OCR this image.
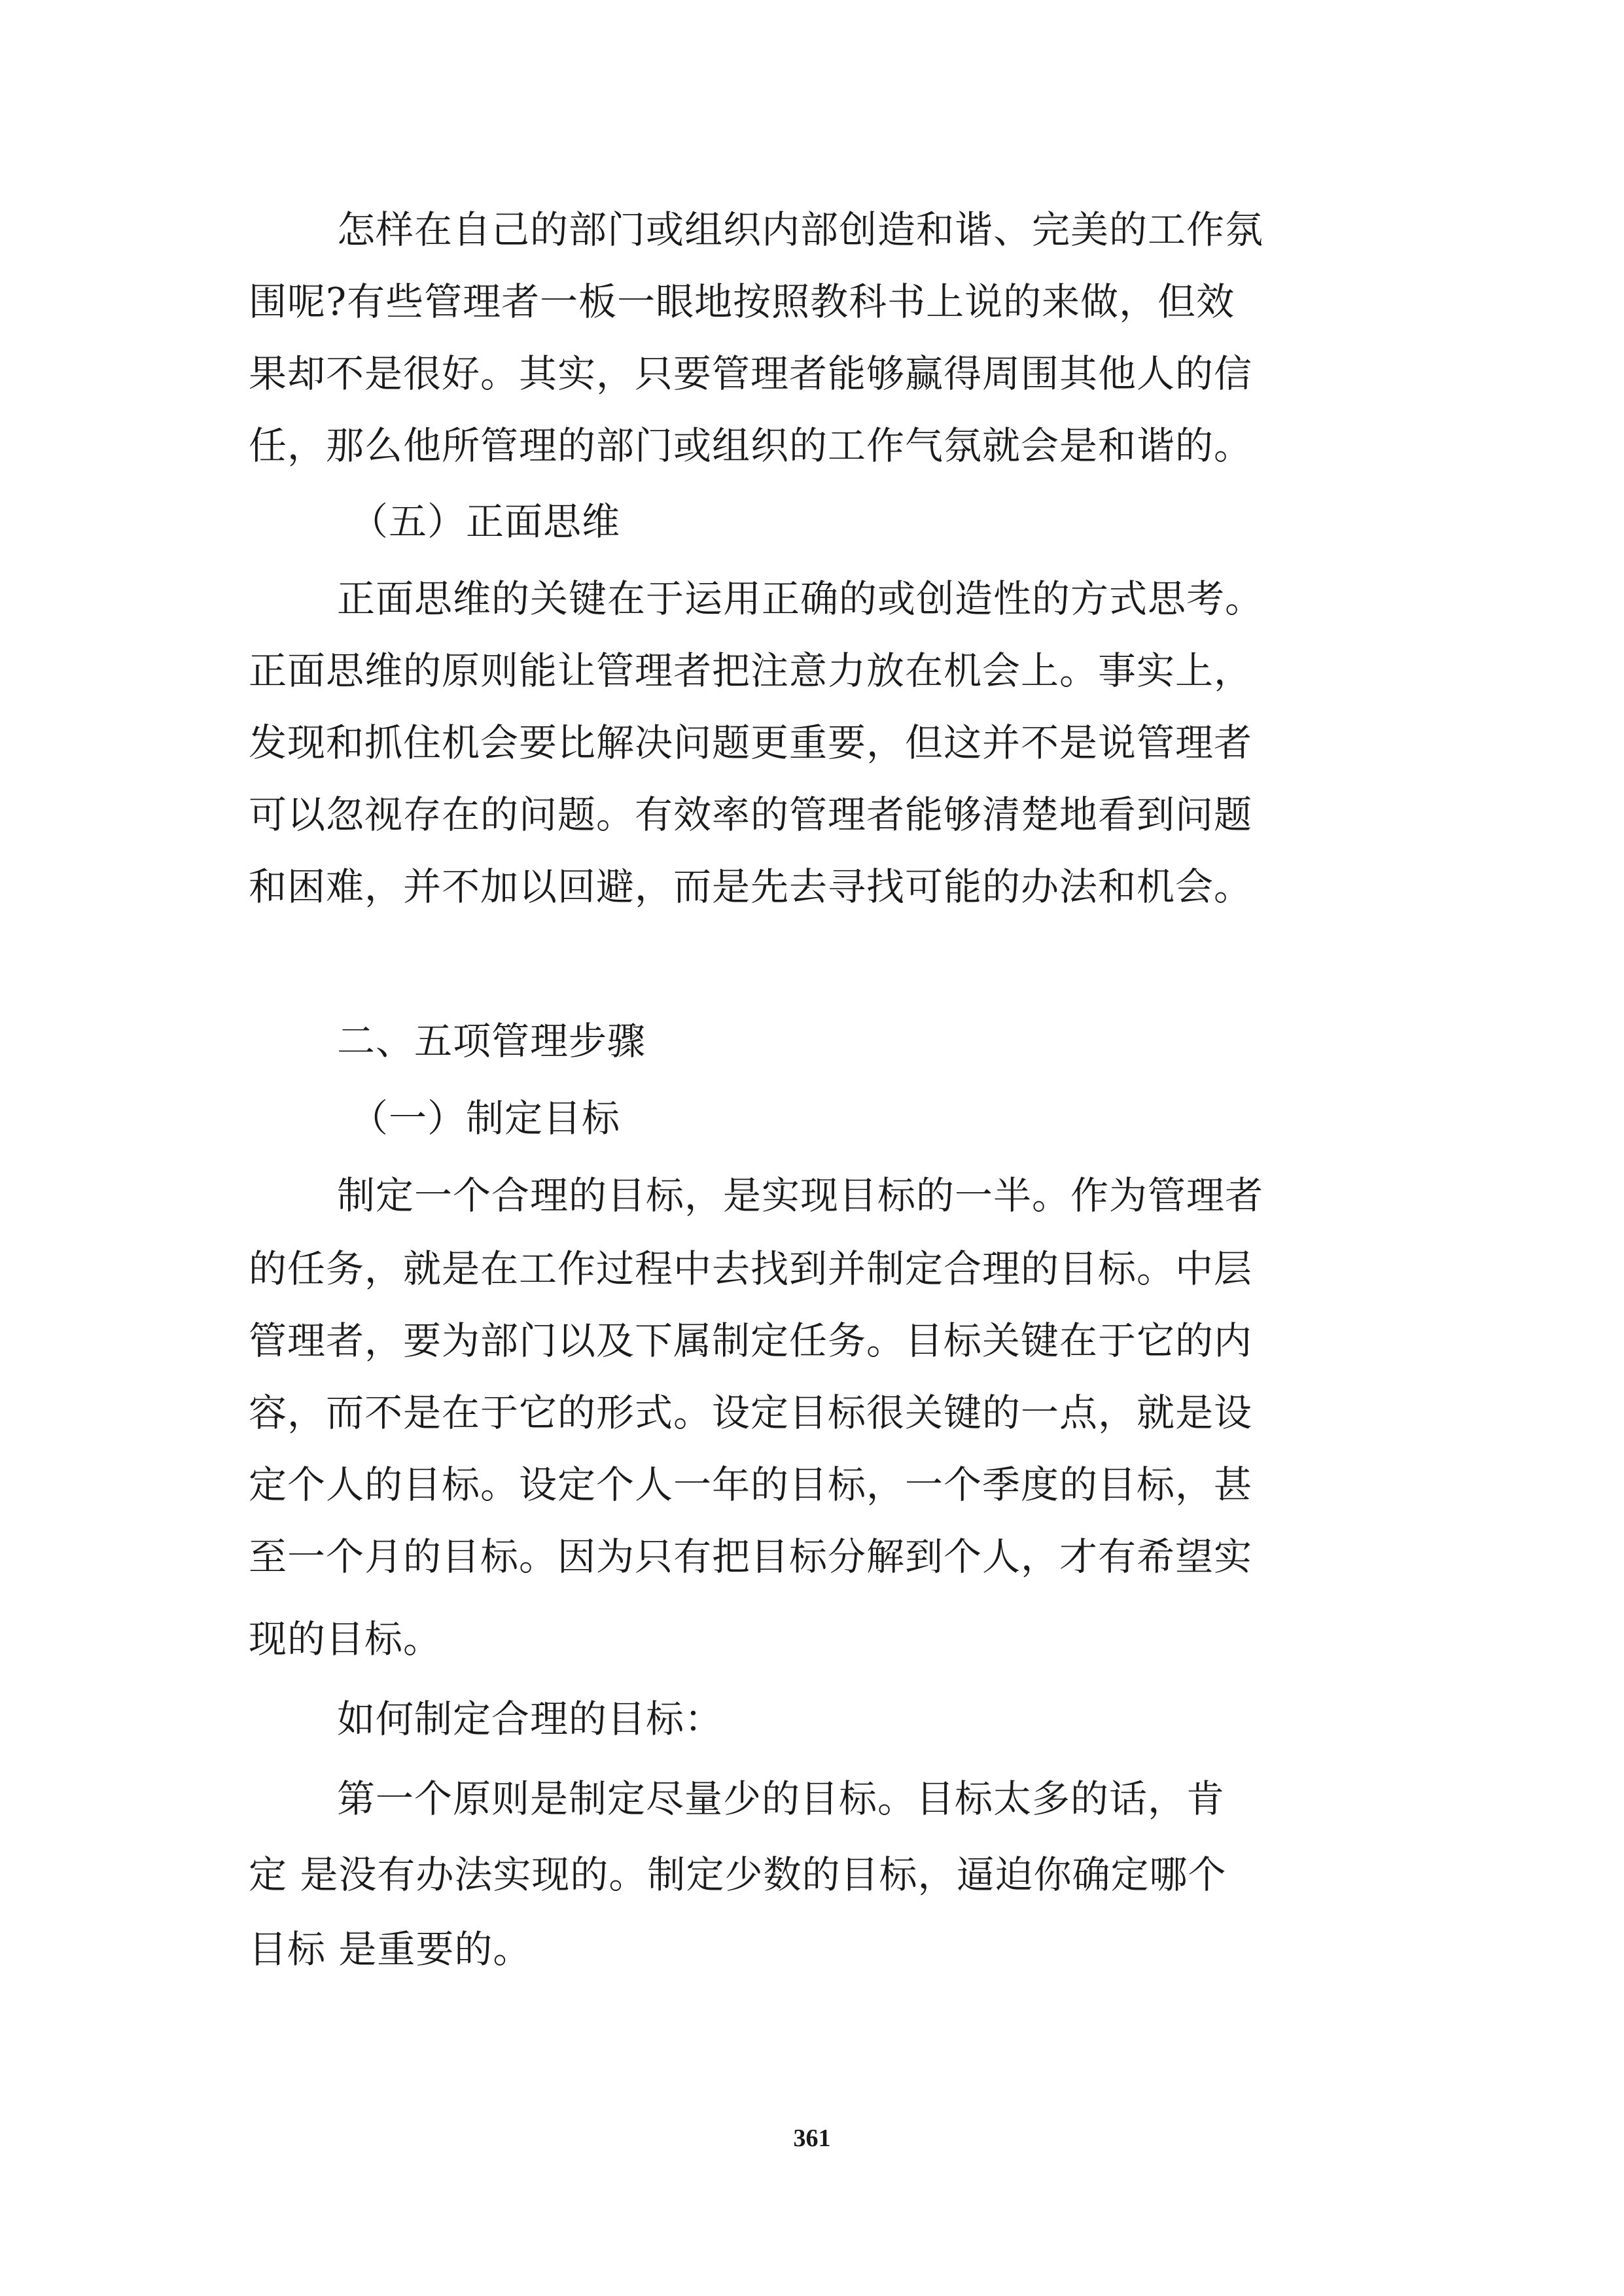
怎样在自己的部门或组织内部创造和谐、完美的工作氛
围呢?有些管理者一板一眼地按照教科书上说的来做，但效
果却不是很好。其实，只要管理者能够赢得周围其他人的信
任，那么他所管理的部门或组织的工作气氛就会是和谐的。
（五）正面思维
正面思维的关键在于运用正确的或创造性的方式思考。
正面思维的原则能让管理者把注意力放在机会上。事实上，
发现和抓住机会要比解决问题更重要，但这并不是说管理者
可以忽视存在的问题。有效率的管理者能够清楚地看到问题
和困难，并不加以回避，而是先去寻找可能的办法和机会。
二、五项管理步骤
（一）制定目标
制定一个合理的目标，是实现目标的一半。作为管理者
的任务，就是在工作过程中去找到并制定合理的目标。中层
管理者，要为部门以及下属制定任务。目标关键在于它的内
容，而不是在于它的形式。设定目标很关键的一点，就是设
定个人的目标。设定个人一年的目标，一个季度的目标，甚
至一个月的目标。因为只有把目标分解到个人，才有希望实
现的目标。
如何制定合理的目标：
第一个原则是制定尽量少的目标。目标太多的话，肯
定 是没有办法实现的。制定少数的目标，逼迫你确定哪个
目标 是重要的。
361
